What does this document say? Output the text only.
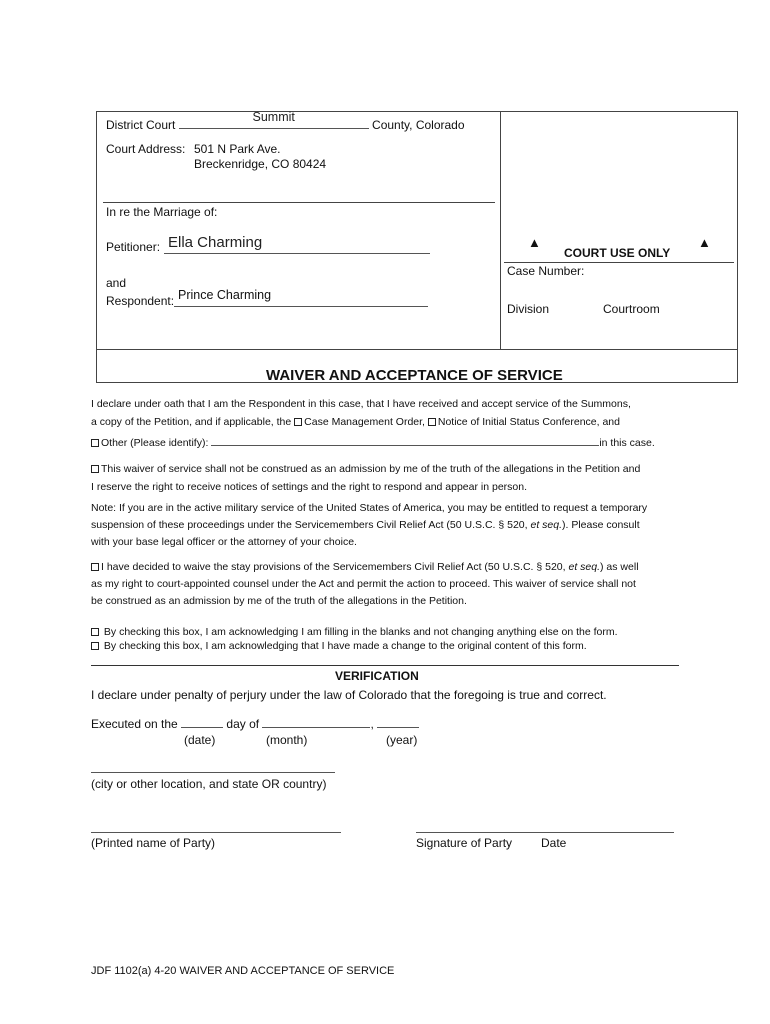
District Court
Summit
County, Colorado
Court Address: 501 N Park Ave.
Breckenridge, CO 80424
In re the Marriage of:
Petitioner: Ella Charming
and
Respondent: Prince Charming
▲
COURT USE ONLY
▲
Case Number:
Division	Courtroom
WAIVER AND ACCEPTANCE OF SERVICE
I declare under oath that I am the Respondent in this case, that I have received and accept service of the Summons,
a copy of the Petition, and if applicable, the Case Management Order, Notice of Initial Status Conference, and
Other (Please identify):	in this case.
This waiver of service shall not be construed as an admission by me of the truth of the allegations in the Petition and
I reserve the right to receive notices of settings and the right to respond and appear in person.
Note: If you are in the active military service of the United States of America, you may be entitled to request a temporary
suspension of these proceedings under the Servicemembers Civil Relief Act (50 U.S.C. § 520, et seq.). Please consult
with your base legal officer or the attorney of your choice.
I have decided to waive the stay provisions of the Servicemembers Civil Relief Act (50 U.S.C. § 520, et seq.) as well
as my right to court-appointed counsel under the Act and permit the action to proceed. This waiver of service shall not
be construed as an admission by me of the truth of the allegations in the Petition.
By checking this box, I am acknowledging I am filling in the blanks and not changing anything else on the form.
By checking this box, I am acknowledging that I have made a change to the original content of this form.
VERIFICATION
I declare under penalty of perjury under the law of Colorado that the foregoing is true and correct.
Executed on the	day of	,
(date)	(month)	(year)
(city or other location, and state OR country)
(Printed name of Party)	Signature of Party Date
JDF 1102(a) 4-20 WAIVER AND ACCEPTANCE OF SERVICE
